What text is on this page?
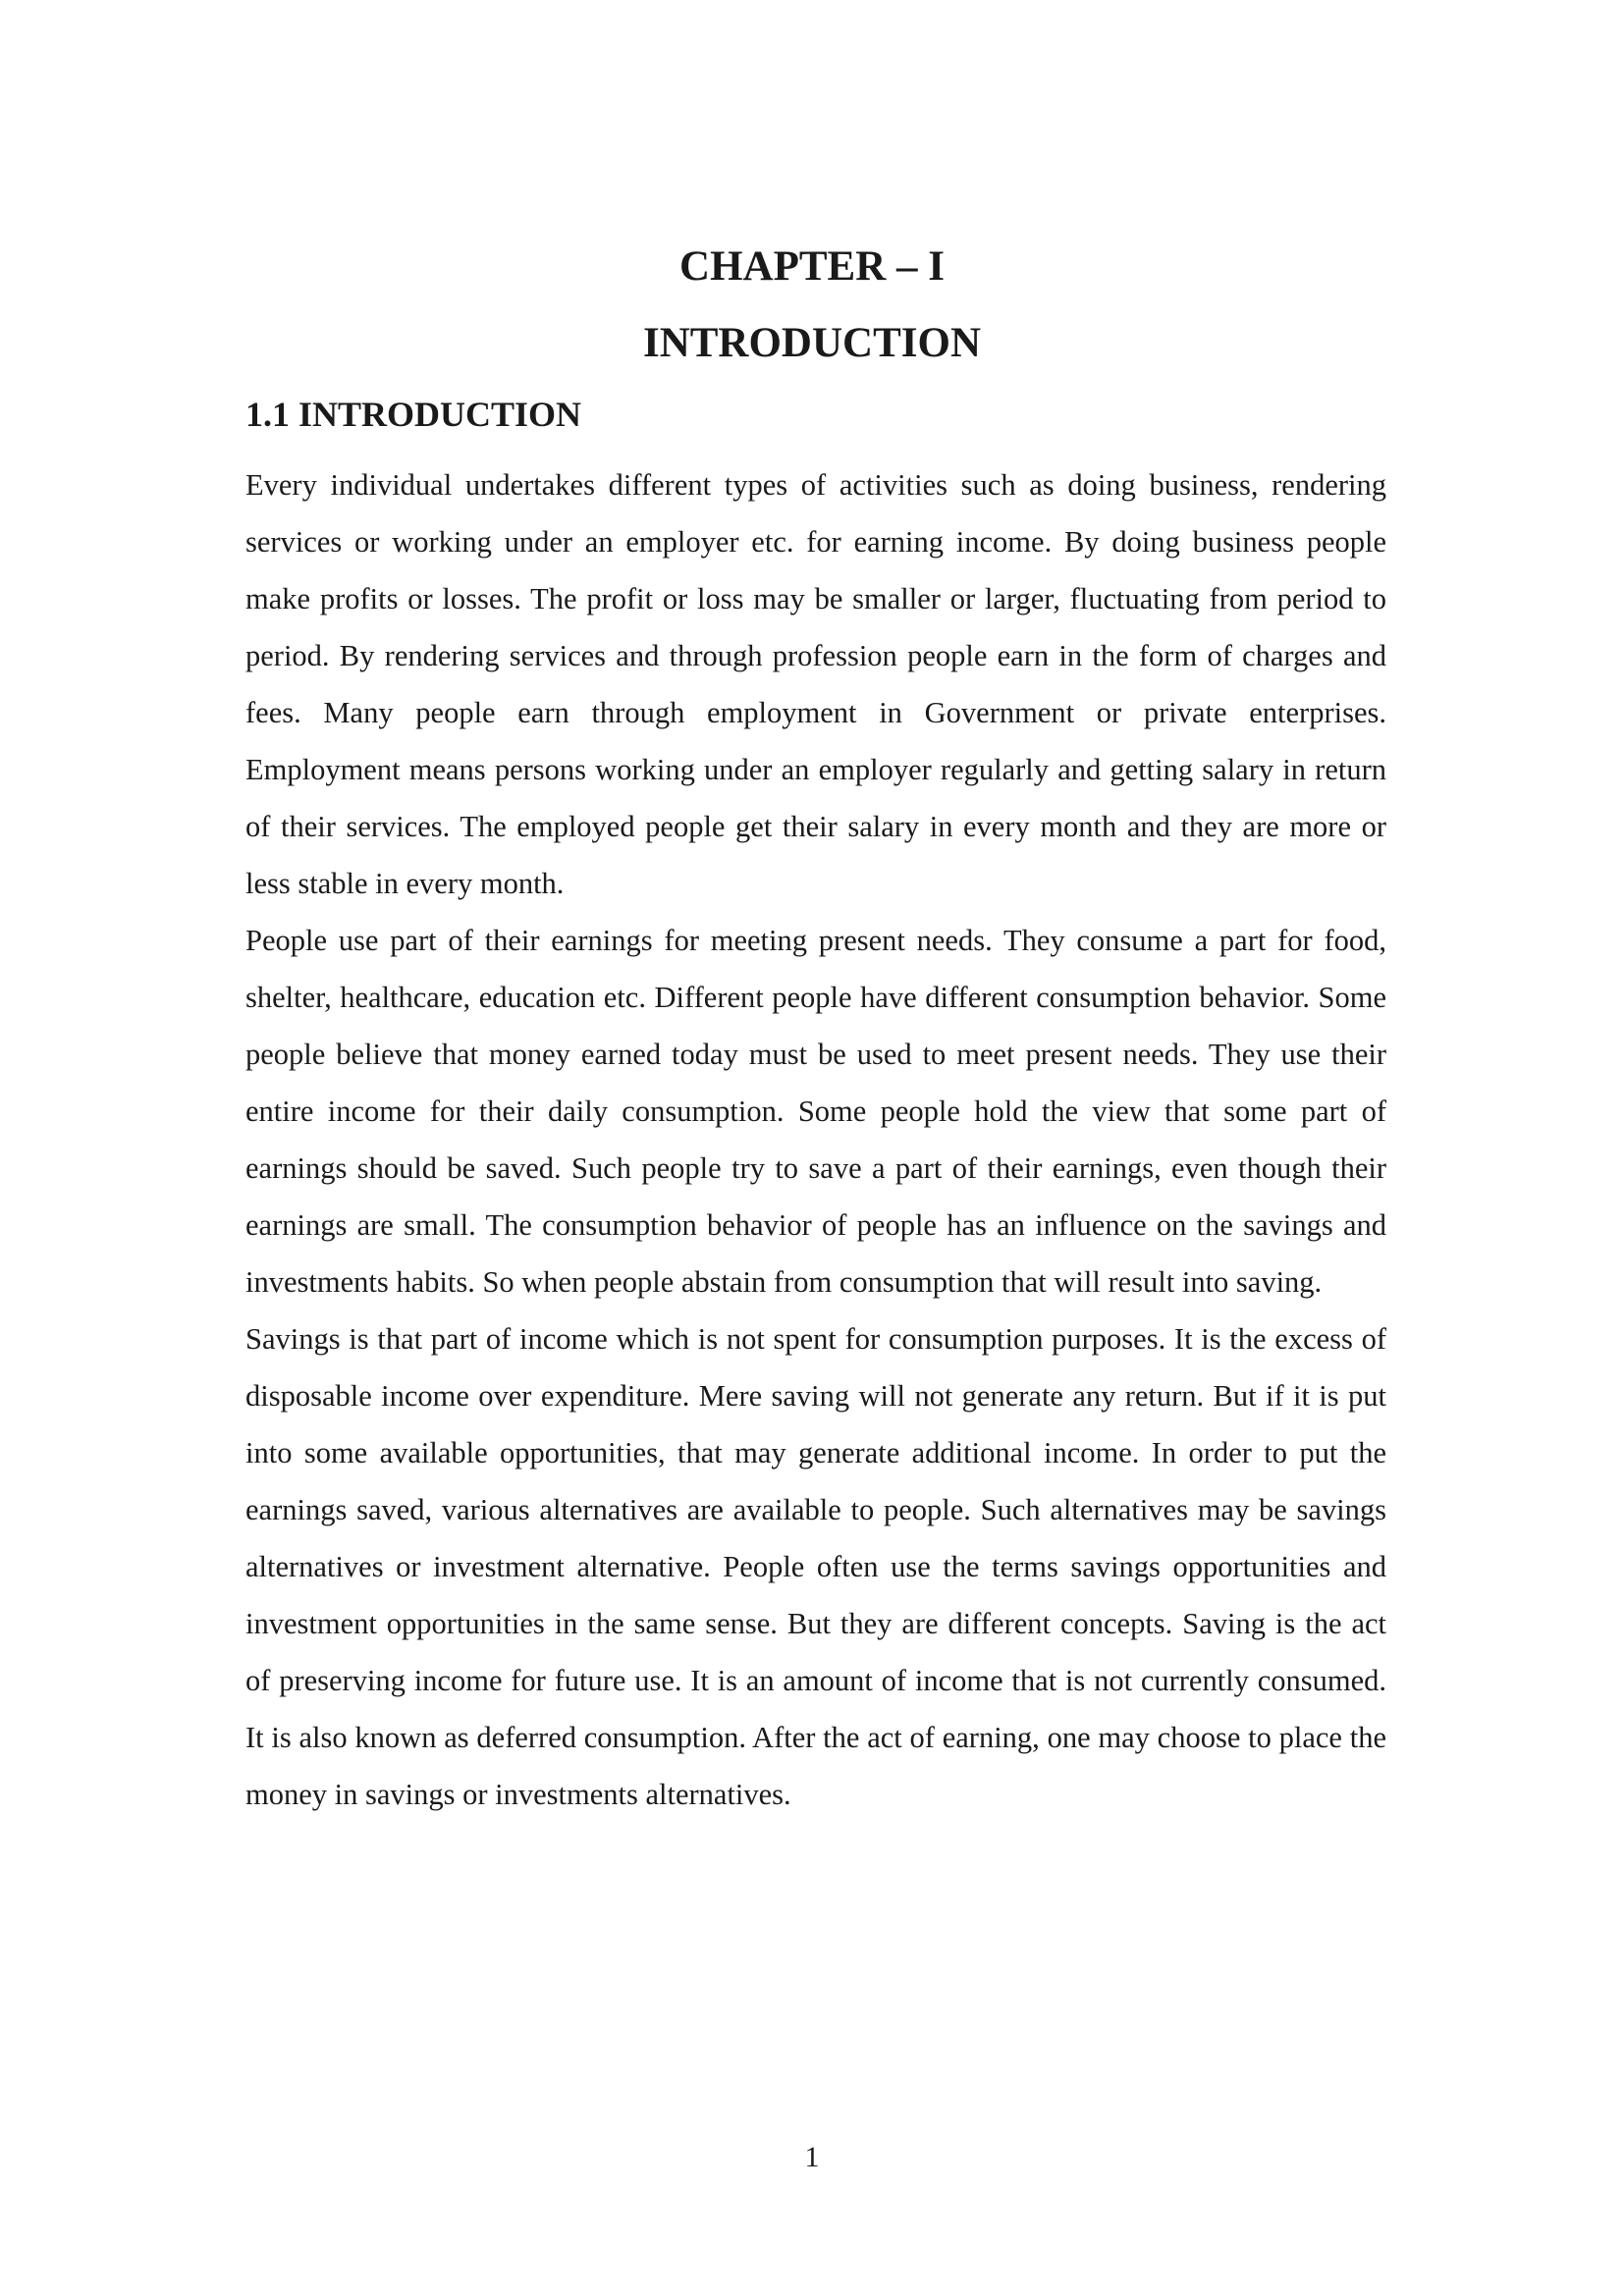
CHAPTER – I
INTRODUCTION
1.1 INTRODUCTION

Every individual undertakes different types of activities such as doing business, rendering services or working under an employer etc. for earning income. By doing business people make profits or losses. The profit or loss may be smaller or larger, fluctuating from period to period. By rendering services and through profession people earn in the form of charges and fees. Many people earn through employment in Government or private enterprises. Employment means persons working under an employer regularly and getting salary in return of their services. The employed people get their salary in every month and they are more or less stable in every month.

People use part of their earnings for meeting present needs. They consume a part for food, shelter, healthcare, education etc. Different people have different consumption behavior. Some people believe that money earned today must be used to meet present needs. They use their entire income for their daily consumption. Some people hold the view that some part of earnings should be saved. Such people try to save a part of their earnings, even though their earnings are small. The consumption behavior of people has an influence on the savings and investments habits. So when people abstain from consumption that will result into saving.

Savings is that part of income which is not spent for consumption purposes. It is the excess of disposable income over expenditure. Mere saving will not generate any return. But if it is put into some available opportunities, that may generate additional income. In order to put the earnings saved, various alternatives are available to people. Such alternatives may be savings alternatives or investment alternative. People often use the terms savings opportunities and investment opportunities in the same sense. But they are different concepts. Saving is the act of preserving income for future use. It is an amount of income that is not currently consumed. It is also known as deferred consumption. After the act of earning, one may choose to place the money in savings or investments alternatives.

1
